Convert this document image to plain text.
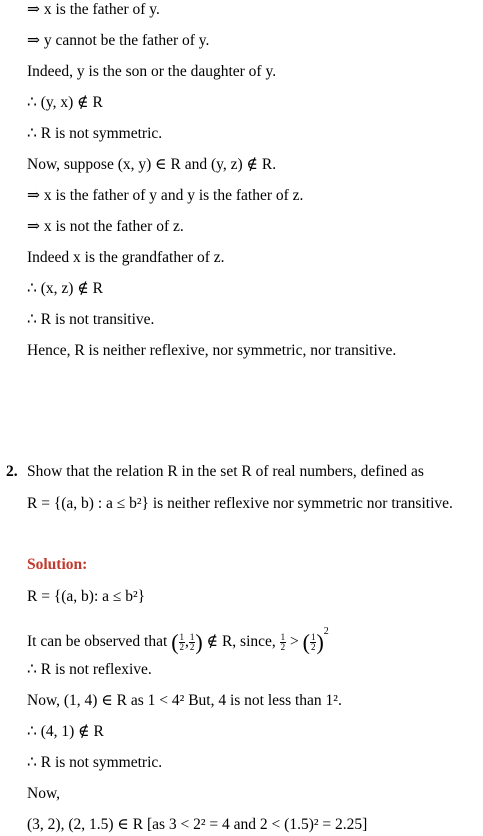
⇒ x is the father of y.
⇒ y cannot be the father of y.
Indeed, y is the son or the daughter of y.
∴ (y, x) ∉ R
∴ R is not symmetric.
Now, suppose (x, y) ∈ R and (y, z) ∉ R.
⇒ x is the father of y and y is the father of z.
⇒ x is not the father of z.
Indeed x is the grandfather of z.
∴ (x, z) ∉ R
∴ R is not transitive.
Hence, R is neither reflexive, nor symmetric, nor transitive.
2. Show that the relation R in the set R of real numbers, defined as
R = {(a, b) : a ≤ b²} is neither reflexive nor symmetric nor transitive.
Solution:
R = {(a, b): a ≤ b²}
It can be observed that ( $\frac{1}{2}$ , $\frac{1}{2}$ ) ∉ R, since, $\frac{1}{2}$ > ( $\frac{1}{2} )^2$
∴ R is not reflexive.
Now, (1, 4) ∈ R as 1 < 4² But, 4 is not less than 1².
∴ (4, 1) ∉ R
∴ R is not symmetric.
Now,
(3, 2), (2, 1.5) ∈ R [as 3 < 2² = 4 and 2 < (1.5)² = 2.25]
